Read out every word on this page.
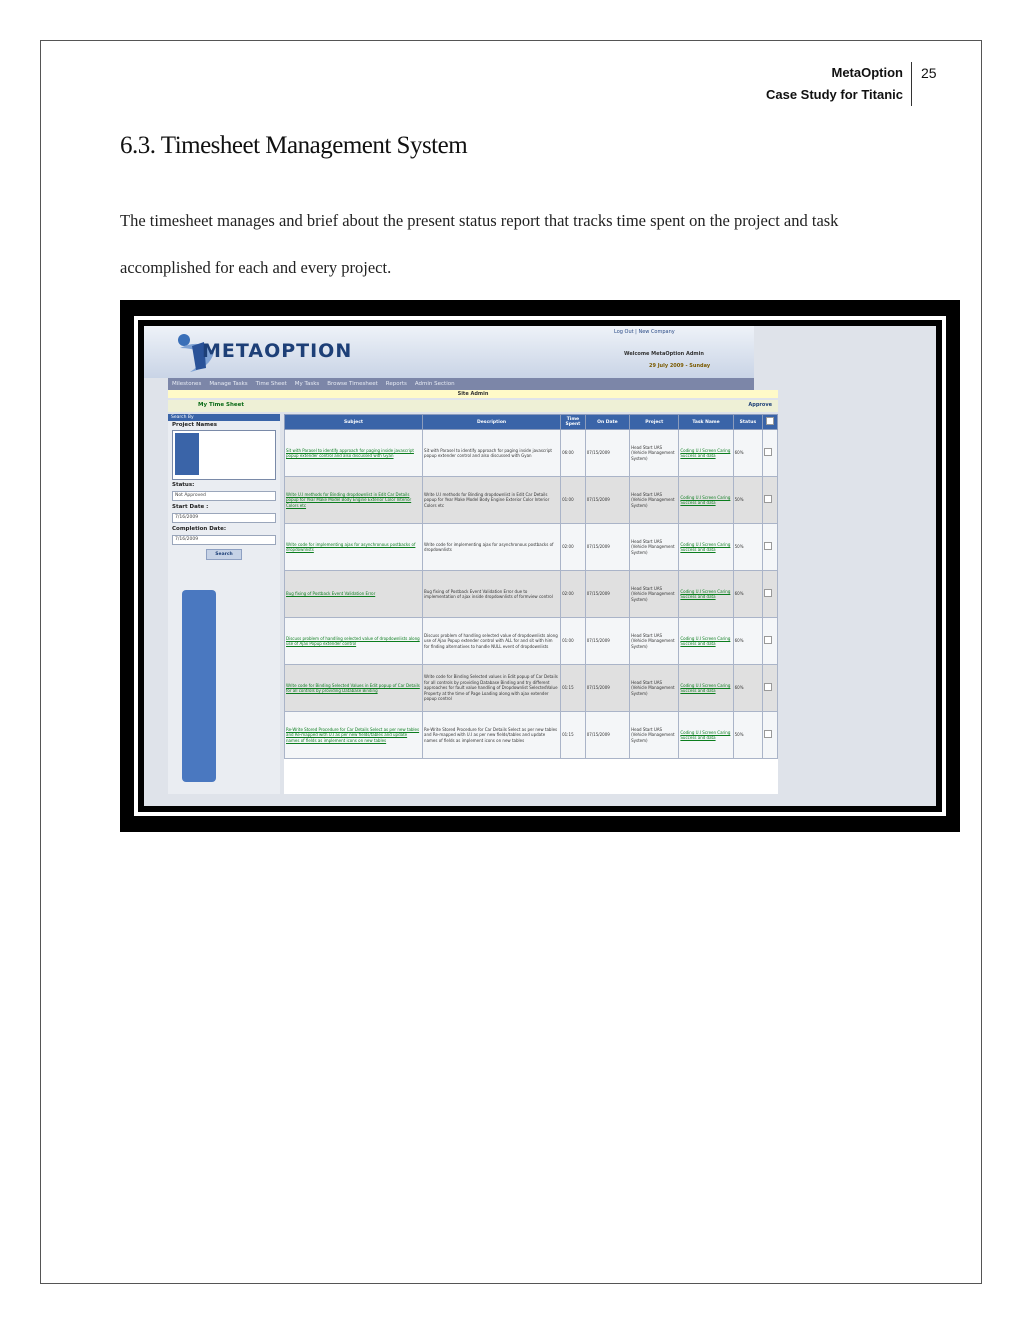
MetaOption
Case Study for Titanic
25
6.3. Timesheet Management System
The timesheet manages and brief about the present status report that tracks time spent on the project and task accomplished for each and every project.
METAOPTION
Log Out | New Company
Welcome MetaOption Admin
29 July 2009 - Sunday
Milestones Manage Tasks Time Sheet My Tasks Browse Timesheet Reports Admin Section
Site Admin
My Time Sheet	Approve
Search By
Project Names
Status:
Not Approved
Start Date :
7/16/2009
Completion Date:
7/16/2009
Search
Subject	Description	Time Spent	On Date	Project	Task Name	Status	
Sit with Parasel to identify approach for paging inside javascript popup extender control and also discussed with Gyan	Sit with Parasel to identify approach for paging inside javascript popup extender control and also discussed with Gyan	06:00	07/15/2009	Head Start UAS (Vehicle Management System)	Coding U.I Screen Caring Success and data	60%	
Write U.I methods for Binding dropdownlist in Edit Car Details popup for Year Make Model Body Engine Exterior Color Interior Colors etc	Write U.I methods for Binding dropdownlist in Edit Car Details popup for Year Make Model Body Engine Exterior Color Interior Colors etc	01:00	07/15/2009	Head Start UAS (Vehicle Management System)	Coding U.I Screen Caring Success and data	50%	
Write code for implementing ajax for asynchronous postbacks of dropdownlists	Write code for implementing ajax for asynchronous postbacks of dropdownlists	02:00	07/15/2009	Head Start UAS (Vehicle Management System)	Coding U.I Screen Caring Success and data	50%	
Bug fixing of Postback Event Validation Error	Bug fixing of Postback Event Validation Error due to implementation of ajax inside dropdownlists of formview control	02:00	07/15/2009	Head Start UAS (Vehicle Management System)	Coding U.I Screen Caring Success and data	60%	
Discuss problem of handling selected value of dropdownlists along use of Ajax Popup extender control	Discuss problem of handling selected value of dropdownlists along use of Ajax Popup extender control with ALL for and sit with him for finding alternatives to handle NULL event of dropdownlists	01:00	07/15/2009	Head Start UAS (Vehicle Management System)	Coding U.I Screen Caring Success and data	60%	
Write code for Binding Selected Values in Edit popup of Car Details for all controls by providing Database Binding	Write code for Binding Selected values in Edit popup of Car Details for all controls by providing Database Binding and try different approaches for fault value handling of Dropdownlist SelectedValue Property at the time of Page Loading along with ajax extender popup control	01:15	07/15/2009	Head Start UAS (Vehicle Management System)	Coding U.I Screen Caring Success and data	60%	
Re-Write Stored Procedure for Car Details Select as per new tables and Re-mapped with U.I as per new fields/tables and update names of fields as implement icons on new tables	Re-Write Stored Procedure for Car Details Select as per new tables and Re-mapped with U.I as per new fields/tables and update names of fields as implement icons on new tables	01:15	07/15/2009	Head Start UAS (Vehicle Management System)	Coding U.I Screen Caring Success and data	50%	
